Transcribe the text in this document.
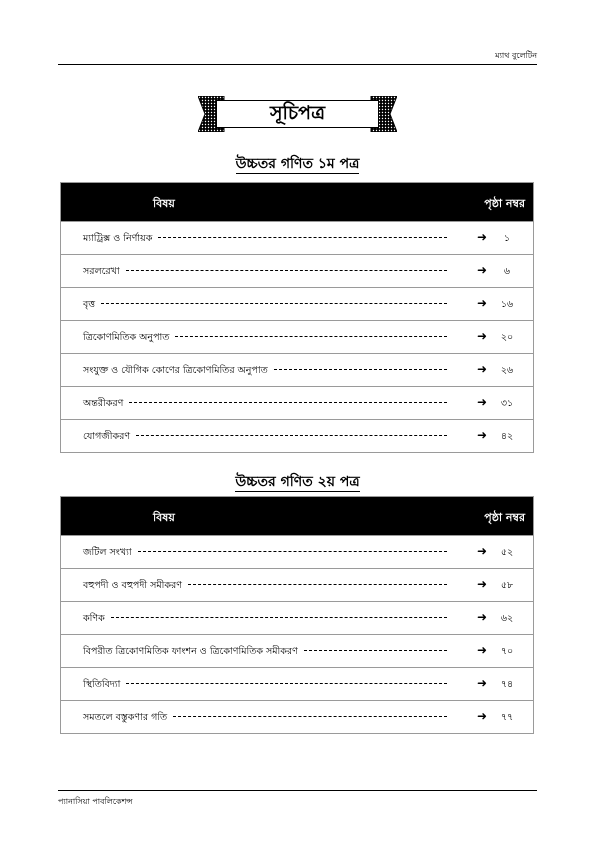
ম্যাথ বুলেটিন
সূচিপত্র
উচ্চতর গণিত ১ম পত্র
বিষয়	পৃষ্ঠা নম্বর
ম্যাট্রিক্স ও নির্ণায়ক	➜	১
সরলরেখা	➜	৬
বৃত্ত	➜	১৬
ত্রিকোণমিতিক অনুপাত	➜	২০
সংযুক্ত ও যৌগিক কোণের ত্রিকোণমিতির অনুপাত	➜	২৬
অন্তরীকরণ	➜	৩১
যোগজীকরণ	➜	৪২
উচ্চতর গণিত ২য় পত্র
বিষয়	পৃষ্ঠা নম্বর
জটিল সংখ্যা	➜	৫২
বহুপদী ও বহুপদী সমীকরণ	➜	৫৮
কণিক	➜	৬২
বিপরীত ত্রিকোণমিতিক ফাংশন ও ত্রিকোণমিতিক সমীকরণ	➜	৭০
স্থিতিবিদ্যা	➜	৭৪
সমতলে বস্তুকণার গতি	➜	৭৭
প্যানাসিয়া পাবলিকেশন্স
